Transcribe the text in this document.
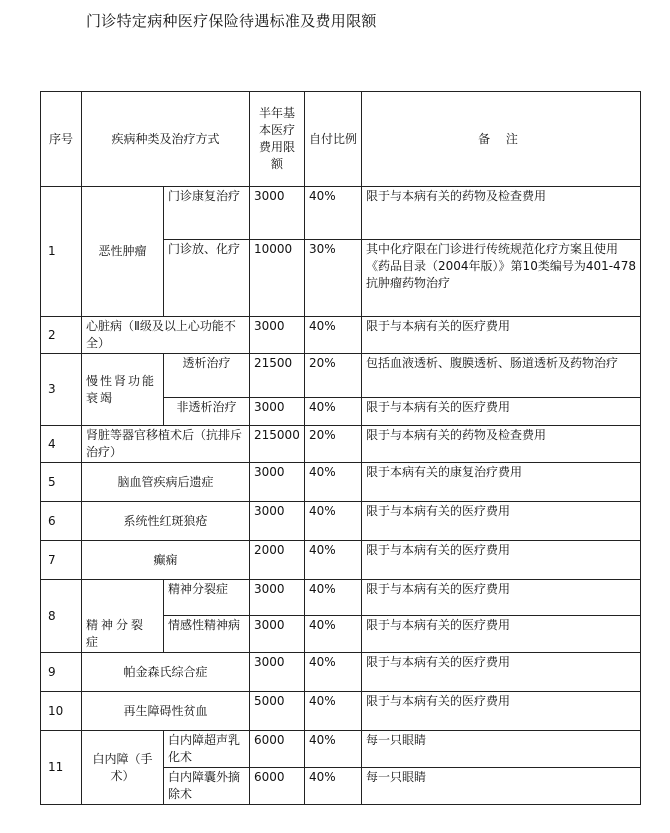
门诊特定病种医疗保险待遇标准及费用限额
序号	疾病种类及治疗方式		半年基本医疗费用限额	自付比例	备 注
1	恶性肿瘤	门诊康复治疗	3000	40%	限于与本病有关的药物及检查费用
		门诊放、化疗	10000	30%	其中化疗限在门诊进行传统规范化疗方案且使用《药品目录（2004年版）》第10类编号为401-478抗肿瘤药物治疗
2	心脏病（Ⅱ级及以上心功能不全）		3000	40%	限于与本病有关的医疗费用
3	慢性肾功能衰竭	透析治疗	21500	20%	包括血液透析、腹膜透析、肠道透析及药物治疗
		非透析治疗	3000	40%	限于与本病有关的医疗费用
4	肾脏等器官移植术后（抗排斥治疗）		215000	20%	限于与本病有关的药物及检查费用
5	脑血管疾病后遗症		3000	40%	限于本病有关的康复治疗费用
6	系统性红斑狼疮		3000	40%	限于与本病有关的医疗费用
7	癫痫		2000	40%	限于与本病有关的医疗费用
8	精神分裂症	精神分裂症	3000	40%	限于与本病有关的医疗费用
		情感性精神病	3000	40%	限于与本病有关的医疗费用
9	帕金森氏综合症		3000	40%	限于与本病有关的医疗费用
10	再生障碍性贫血		5000	40%	限于与本病有关的医疗费用
11	白内障（手术）	白内障超声乳化术	6000	40%	每一只眼睛
		白内障囊外摘除术	6000	40%	每一只眼睛
